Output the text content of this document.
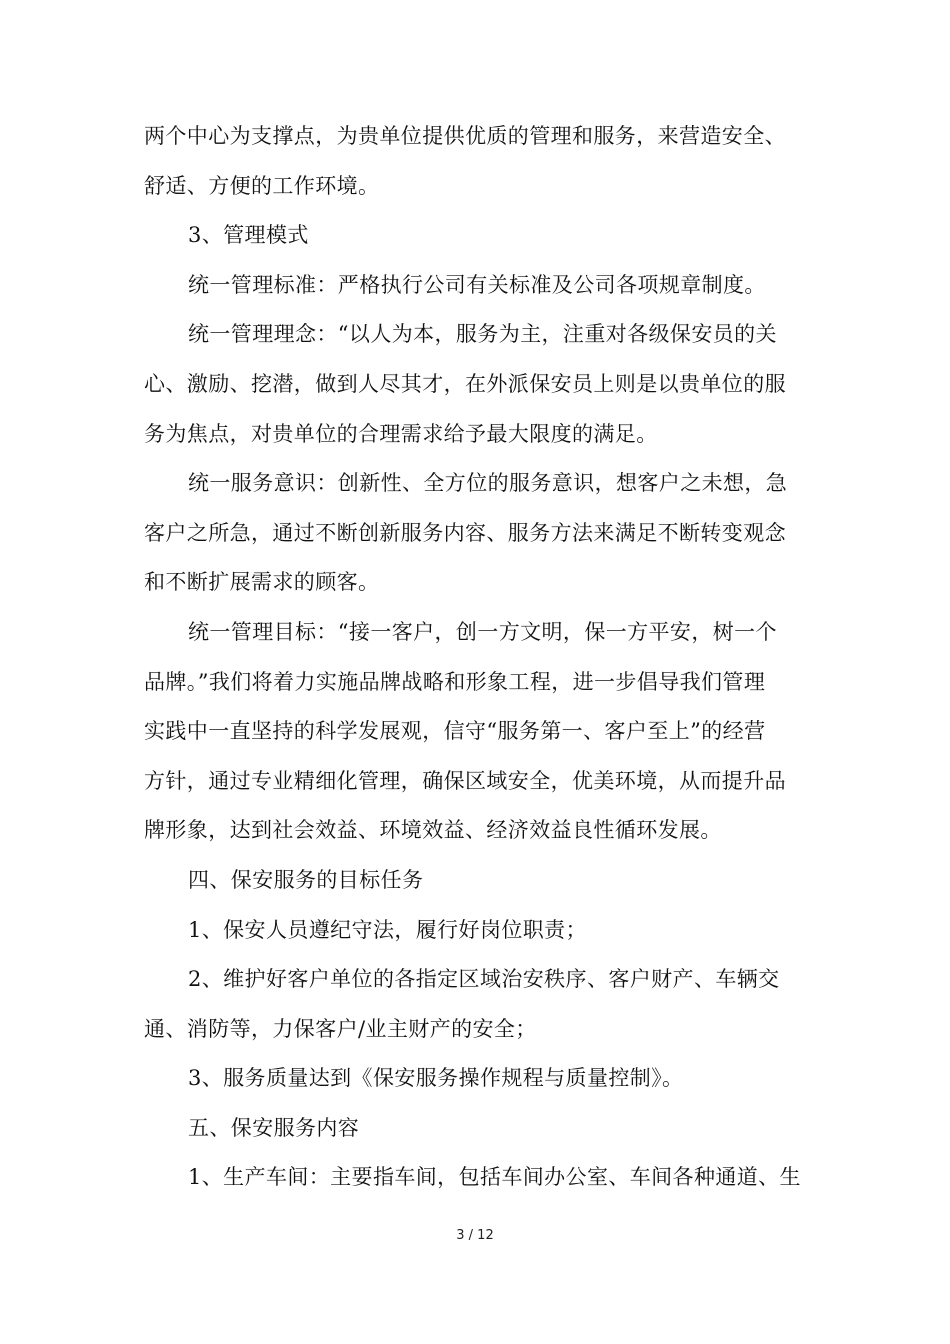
两个中心为支撑点，为贵单位提供优质的管理和服务，来营造安全、
舒适、方便的工作环境。
3、管理模式
统一管理标准：严格执行公司有关标准及公司各项规章制度。
统一管理理念：“以人为本，服务为主，注重对各级保安员的关
心、激励、挖潜，做到人尽其才，在外派保安员上则是以贵单位的服
务为焦点，对贵单位的合理需求给予最大限度的满足。
统一服务意识：创新性、全方位的服务意识，想客户之未想，急
客户之所急，通过不断创新服务内容、服务方法来满足不断转变观念
和不断扩展需求的顾客。
统一管理目标：“接一客户，创一方文明，保一方平安，树一个
品牌。”我们将着力实施品牌战略和形象工程，进一步倡导我们管理
实践中一直坚持的科学发展观，信守“服务第一、客户至上”的经营
方针，通过专业精细化管理，确保区域安全，优美环境，从而提升品
牌形象，达到社会效益、环境效益、经济效益良性循环发展。
四、保安服务的目标任务
1、保安人员遵纪守法，履行好岗位职责；
2、维护好客户单位的各指定区域治安秩序、客户财产、车辆交
通、消防等，力保客户/业主财产的安全；
3、服务质量达到《保安服务操作规程与质量控制》。
五、保安服务内容
1、生产车间：主要指车间，包括车间办公室、车间各种通道、生

3 / 12
